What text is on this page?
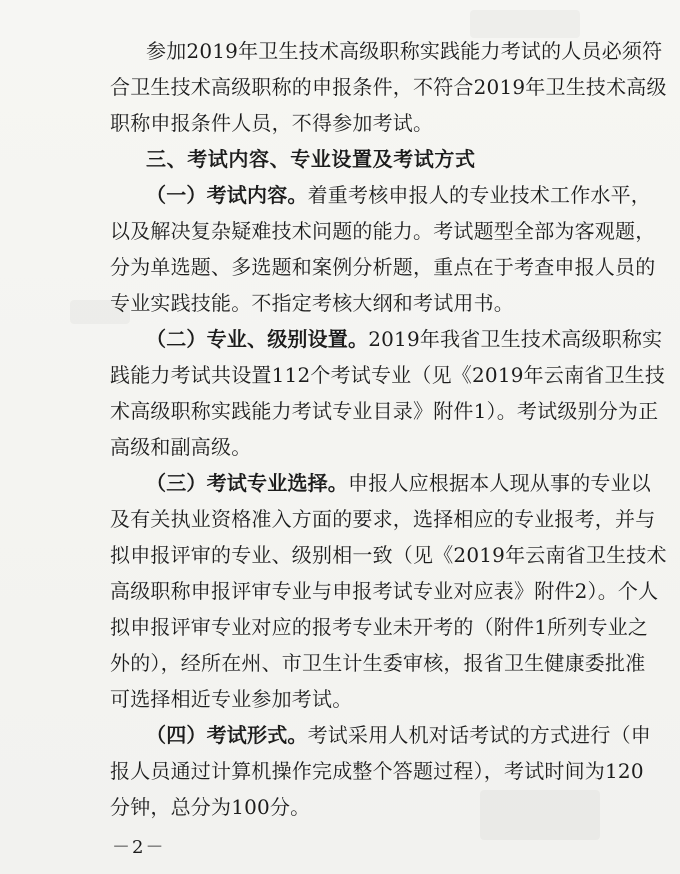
参加2019年卫生技术高级职称实践能力考试的人员必须符
合卫生技术高级职称的申报条件，不符合2019年卫生技术高级
职称申报条件人员，不得参加考试。
三、考试内容、专业设置及考试方式
（一）考试内容。着重考核申报人的专业技术工作水平，
以及解决复杂疑难技术问题的能力。考试题型全部为客观题，
分为单选题、多选题和案例分析题，重点在于考查申报人员的
专业实践技能。不指定考核大纲和考试用书。
（二）专业、级别设置。2019年我省卫生技术高级职称实
践能力考试共设置112个考试专业（见《2019年云南省卫生技
术高级职称实践能力考试专业目录》附件1）。考试级别分为正
高级和副高级。
（三）考试专业选择。申报人应根据本人现从事的专业以
及有关执业资格准入方面的要求，选择相应的专业报考，并与
拟申报评审的专业、级别相一致（见《2019年云南省卫生技术
高级职称申报评审专业与申报考试专业对应表》附件2）。个人
拟申报评审专业对应的报考专业未开考的（附件1所列专业之
外的），经所在州、市卫生计生委审核，报省卫生健康委批准
可选择相近专业参加考试。
（四）考试形式。考试采用人机对话考试的方式进行（申
报人员通过计算机操作完成整个答题过程），考试时间为120
分钟，总分为100分。
－2－
